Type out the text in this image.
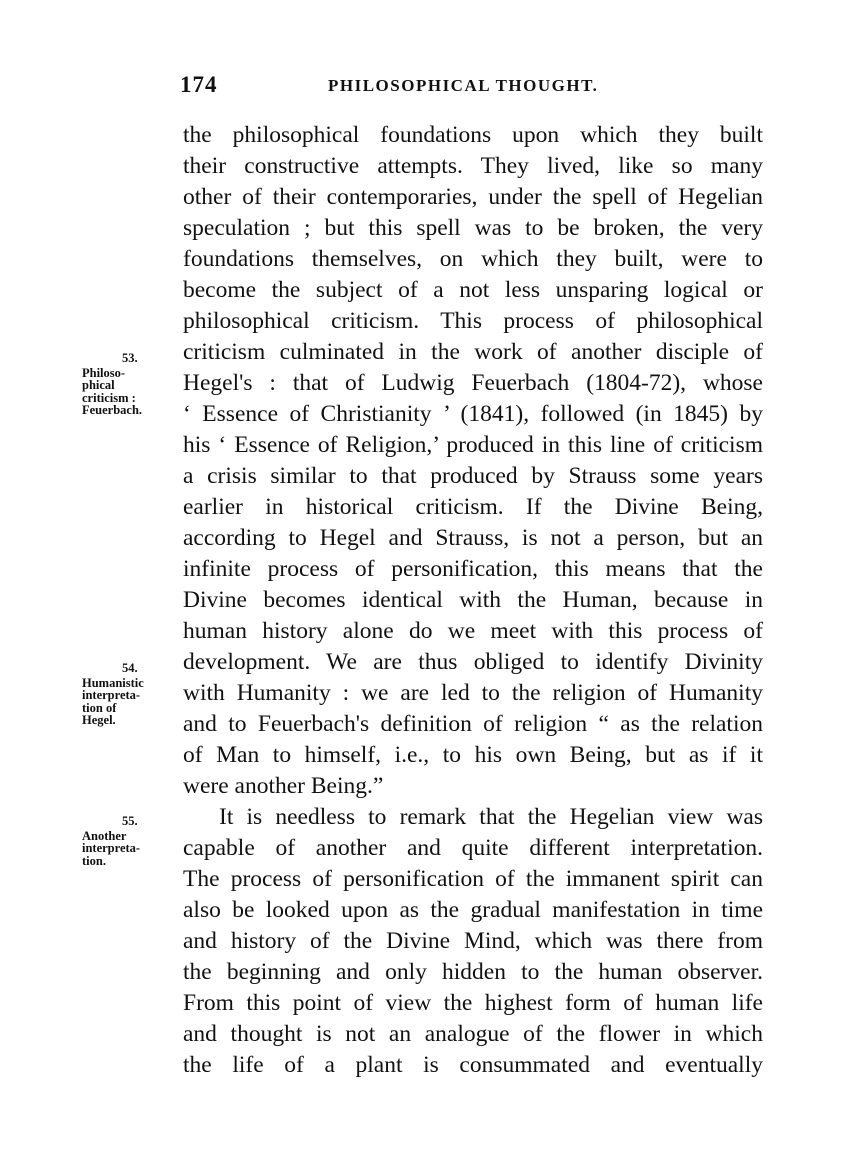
174	PHILOSOPHICAL THOUGHT.
53.
Philoso-
phical
criticism :
Feuerbach.
54.
Humanistic
interpreta-
tion of
Hegel.
55.
Another
interpreta-
tion.
the philosophical foundations upon which they built
their constructive attempts. They lived, like so many
other of their contemporaries, under the spell of Hegelian
speculation ; but this spell was to be broken, the very
foundations themselves, on which they built, were to
become the subject of a not less unsparing logical or
philosophical criticism. This process of philosophical
criticism culminated in the work of another disciple of
Hegel's : that of Ludwig Feuerbach (1804-72), whose
‘ Essence of Christianity ’ (1841), followed (in 1845) by
his ‘ Essence of Religion,’ produced in this line of criticism
a crisis similar to that produced by Strauss some years
earlier in historical criticism. If the Divine Being,
according to Hegel and Strauss, is not a person, but an
infinite process of personification, this means that the
Divine becomes identical with the Human, because in
human history alone do we meet with this process of
development. We are thus obliged to identify Divinity
with Humanity : we are led to the religion of Humanity
and to Feuerbach's definition of religion “ as the relation
of Man to himself, i.e., to his own Being, but as if it
were another Being.”
It is needless to remark that the Hegelian view was
capable of another and quite different interpretation.
The process of personification of the immanent spirit can
also be looked upon as the gradual manifestation in time
and history of the Divine Mind, which was there from
the beginning and only hidden to the human observer.
From this point of view the highest form of human life
and thought is not an analogue of the flower in which
the life of a plant is consummated and eventually
